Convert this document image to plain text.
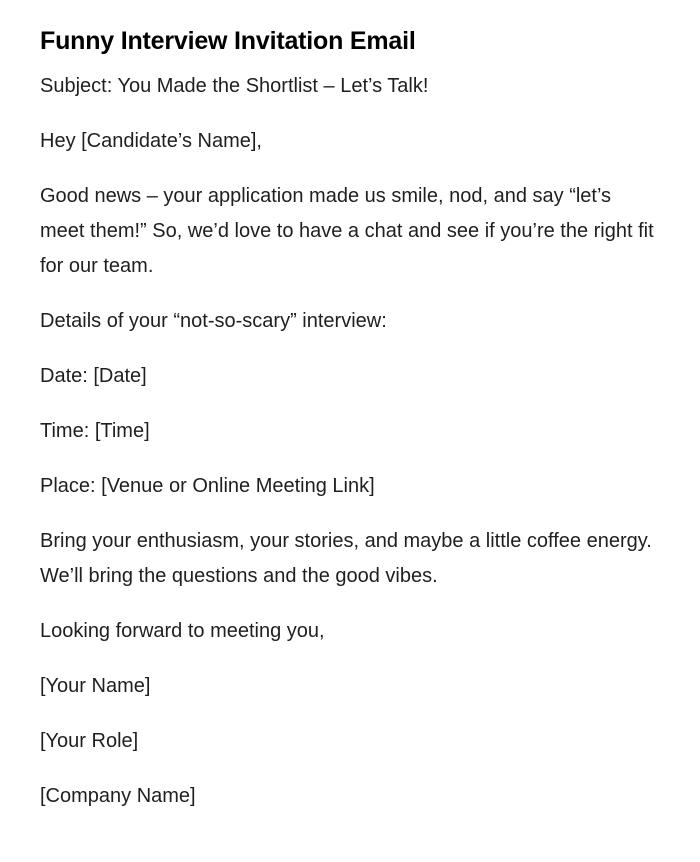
Funny Interview Invitation Email

Subject: You Made the Shortlist – Let’s Talk!

Hey [Candidate’s Name],

Good news – your application made us smile, nod, and say “let’s meet them!” So, we’d love to have a chat and see if you’re the right fit for our team.

Details of your “not-so-scary” interview:

Date: [Date]

Time: [Time]

Place: [Venue or Online Meeting Link]

Bring your enthusiasm, your stories, and maybe a little coffee energy. We’ll bring the questions and the good vibes.

Looking forward to meeting you,

[Your Name]

[Your Role]

[Company Name]
